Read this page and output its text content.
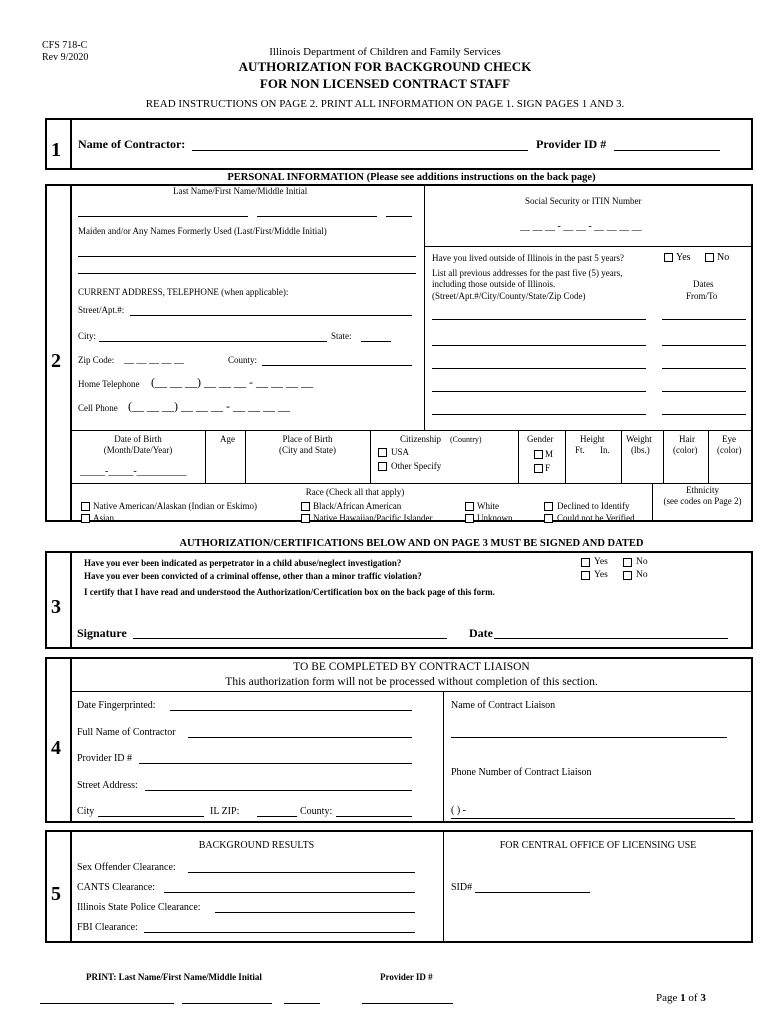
CFS 718-C
Rev 9/2020	Illinois Department of Children and Family Services
AUTHORIZATION FOR BACKGROUND CHECK
FOR NON LICENSED CONTRACT STAFF
READ INSTRUCTIONS ON PAGE 2. PRINT ALL INFORMATION ON PAGE 1. SIGN PAGES 1 AND 3.
1 Name of Contractor:	Provider ID #
PERSONAL INFORMATION (Please see additions instructions on the back page)
2
Last Name/First Name/Middle Initial
Social Security or ITIN Number
__ __ __ - __ __ - __ __ __ __
Maiden and/or Any Names Formerly Used (Last/First/Middle Initial)
Have you lived outside of Illinois in the past 5 years?	Yes	No
List all previous addresses for the past five (5) years,
including those outside of Illinois.
(Street/Apt.#/City/County/State/Zip Code)
Dates
From/To
CURRENT ADDRESS, TELEPHONE (when applicable):
Street/Apt.#:
City:	State:
Zip Code: __ __ __ __ __	County:
Home Telephone (__ __ __) __ __ __ - __ __ __ __
Cell Phone (__ __ __) __ __ __ - __ __ __ __
Date of Birth
(Month/Date/Year)
_____-_____-__________
Age	Place of Birth
(City and State)
Citizenship (Country)
USA
Other Specify
Gender
M
F
Height
Ft. In.
Weight
(lbs.)
Hair
(color)
Eye
(color)
Race (Check all that apply)
Native American/Alaskan (Indian or Eskimo)
Asian
Black/African American
Native Hawaiian/Pacific Islander
White
Unknown
Declined to Identify
Could not be Verified
Ethnicity
(see codes on Page 2)
AUTHORIZATION/CERTIFICATIONS BELOW AND ON PAGE 3 MUST BE SIGNED AND DATED
3
Have you ever been indicated as perpetrator in a child abuse/neglect investigation?
Have you ever been convicted of a criminal offense, other than a minor traffic violation?
I certify that I have read and understood the Authorization/Certification box on the back page of this form.
Yes	No
Yes	No
Signature	Date
4
TO BE COMPLETED BY CONTRACT LIAISON
This authorization form will not be processed without completion of this section.
Date Fingerprinted:
Full Name of Contractor
Provider ID #
Street Address:
City	IL ZIP:	County:
Name of Contract Liaison
Phone Number of Contract Liaison
( ) -
5
BACKGROUND RESULTS	FOR CENTRAL OFFICE OF LICENSING USE
Sex Offender Clearance:
CANTS Clearance:
Illinois State Police Clearance:
FBI Clearance:
SID#
PRINT: Last Name/First Name/Middle Initial	Provider ID #
Page 1 of 3
